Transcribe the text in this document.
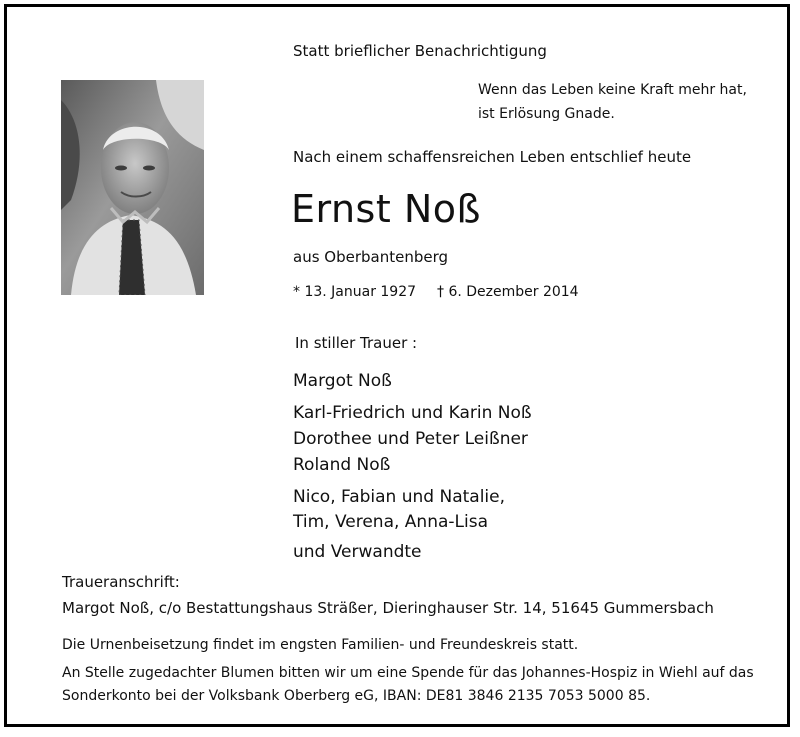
Statt brieflicher Benachrichtigung
Wenn das Leben keine Kraft mehr hat,
ist Erlösung Gnade.
Nach einem schaffensreichen Leben entschlief heute
Ernst Noß
aus Oberbantenberg
* 13. Januar 1927 † 6. Dezember 2014
In stiller Trauer :
Margot Noß
Karl-Friedrich und Karin Noß
Dorothee und Peter Leißner
Roland Noß
Nico, Fabian und Natalie,
Tim, Verena, Anna-Lisa
und Verwandte
Traueranschrift:
Margot Noß, c/o Bestattungshaus Sträßer, Dieringhauser Str. 14, 51645 Gummersbach
Die Urnenbeisetzung findet im engsten Familien- und Freundeskreis statt.
An Stelle zugedachter Blumen bitten wir um eine Spende für das Johannes-Hospiz in Wiehl auf das
Sonderkonto bei der Volksbank Oberberg eG, IBAN: DE81 3846 2135 7053 5000 85.
